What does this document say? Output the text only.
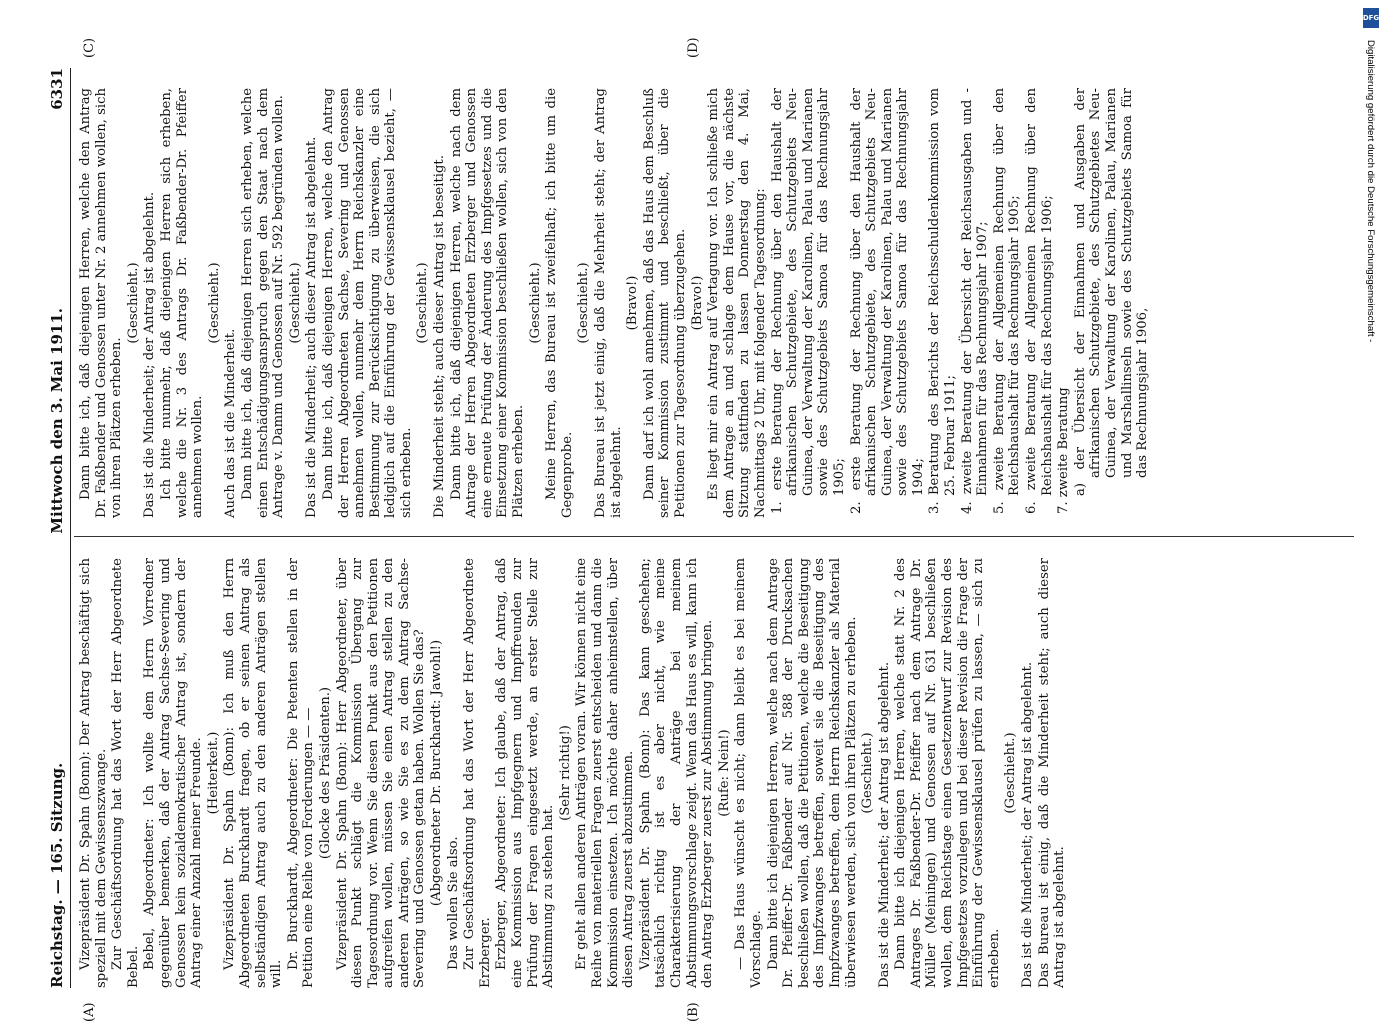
Reichstag. — 165. Sitzung.
Mittwoch den 3. Mai 1911.
6331
(A)	(B)
(C)	(D)

Vizepräsident Dr. Spahn (Bonn): Der Antrag beschäftigt sich speziell mit dem Gewissenszwange. Zur Geschäftsordnung hat das Wort der Herr Abgeordnete Bebel. Bebel, Abgeordneter: Ich wollte dem Herrn Vorredner gegenüber bemerken, daß der Antrag Sachse-Severing und Genossen kein sozialdemokratischer Antrag ist, sondern der Antrag einer Anzahl meiner Freunde. (Heiterkeit.) Vizepräsident Dr. Spahn (Bonn): Ich muß den Herrn Abgeordneten Burckhardt fragen, ob er seinen Antrag als selbständigen Antrag auch zu den anderen Anträgen stellen will.

Dr. Burckhardt, Abgeordneter: Die Petenten stellen in der Petition eine Reihe von Forderungen — — (Glocke des Präsidenten.) Vizepräsident Dr. Spahn (Bonn): Herr Abgeordneter, über diesen Punkt schlägt die Kommission Übergang zur Tagesordnung vor. Wenn Sie diesen Punkt aus den Petitionen aufgreifen wollen, müssen Sie einen Antrag stellen zu den anderen Anträgen, so wie Sie es zu dem Antrag Sachse-Severing und Genossen getan haben. Wollen Sie das? (Abgeordneter Dr. Burckhardt: Jawohl!) Das wollen Sie also. Zur Geschäftsordnung hat das Wort der Herr Abgeordnete Erzberger. Erzberger, Abgeordneter: Ich glaube, daß der Antrag, daß eine Kommission aus Impfgegnern und Impffreunden zur Prüfung der Fragen eingesetzt werde, an erster Stelle zur Abstimmung zu stehen hat.

(Sehr richtig!) Er geht allen anderen Anträgen voran. Wir können nicht eine Reihe von materiellen Fragen zuerst entscheiden und dann die Kommission einsetzen. Ich möchte daher anheimstellen, über diesen Antrag zuerst abzustimmen. Vizepräsident Dr. Spahn (Bonn): Das kann geschehen; tatsächlich richtig ist es aber nicht, wie meine Charakterisierung der Anträge bei meinem Abstimmungsvorschlage zeigt. Wenn das Haus es will, kann ich den Antrag Erzberger zuerst zur Abstimmung bringen. (Rufe: Nein!) — Das Haus wünscht es nicht; dann bleibt es bei meinem Vorschlage. Dann bitte ich diejenigen Herren, welche nach dem Antrage Dr. Pfeiffer-Dr. Faßbender auf Nr. 588 der Drucksachen beschließen wollen, daß die Petitionen, welche die Beseitigung des Impfzwanges betreffen, soweit sie die Beseitigung des Impfzwanges betreffen, dem Herrn Reichskanzler als Material überwiesen werden, sich von ihren Plätzen zu erheben. (Geschieht.) Das ist die Minderheit; der Antrag ist abgelehnt. Dann bitte ich diejenigen Herren, welche statt Nr. 2 des Antrages Dr. Faßbender-Dr. Pfeiffer nach dem Antrage Dr. Müller (Meiningen) und Genossen auf Nr. 631 beschließen wollen, dem Reichstage einen Gesetzentwurf zur Revision des Impfgesetzes vorzulegen und bei dieser Revision die Frage der Einführung der Gewissensklausel prüfen zu lassen, — sich zu erheben.

(Geschieht.) Das ist die Minderheit; der Antrag ist abgelehnt. Das Bureau ist einig, daß die Minderheit steht; auch dieser Antrag ist abgelehnt.

Dann bitte ich, daß diejenigen Herren, welche den Antrag Dr. Faßbender und Genossen unter Nr. 2 annehmen wollen, sich von ihren Plätzen erheben.

(Geschieht.) Das ist die Minderheit; der Antrag ist abgelehnt. Ich bitte nunmehr, daß diejenigen Herren sich erheben, welche die Nr. 3 des Antrags Dr. Faßbender-Dr. Pfeiffer annehmen wollen.

(Geschieht.)

Auch das ist die Minderheit. Dann bitte ich, daß diejenigen Herren sich erheben, welche einen Entschädigungsanspruch gegen den Staat nach dem Antrage v. Damm und Genossen auf Nr. 592 begründen wollen. (Geschieht.) Das ist die Minderheit; auch dieser Antrag ist abgelehnt. Dann bitte ich, daß diejenigen Herren, welche den Antrag der Herren Abgeordneten Sachse, Severing und Genossen annehmen wollen, nunmehr dem Herrn Reichskanzler eine Bestimmung zur Berücksichtigung zu überweisen, die sich lediglich auf die Einführung der Gewissensklausel bezieht, — sich erheben.

(Geschieht.) Die Minderheit steht; auch dieser Antrag ist beseitigt. Dann bitte ich, daß diejenigen Herren, welche nach dem Antrage der Herren Abgeordneten Erzberger und Genossen eine erneute Prüfung der Änderung des Impfgesetzes und die Einsetzung einer Kommission beschließen wollen, sich von den Plätzen erheben.

(Geschieht.) Meine Herren, das Bureau ist zweifelhaft; ich bitte um die Gegenprobe.

(Geschieht.) Das Bureau ist jetzt einig, daß die Mehrheit steht; der Antrag ist abgelehnt.

(Bravo!) Dann darf ich wohl annehmen, daß das Haus dem Beschluß seiner Kommission zustimmt und beschließt, über die Petitionen zur Tagesordnung überzugehen. (Bravo!) Es liegt mir ein Antrag auf Vertagung vor. Ich schließe mich dem Antrage an und schlage dem Hause vor, die nächste Sitzung stattfinden zu lassen Donnerstag den 4. Mai, Nachmittags 2 Uhr, mit folgender Tagesordnung: 1. erste Beratung der Rechnung über den Haushalt der afrikanischen Schutzgebiete, des Schutzgebiets Neu-Guinea, der Verwaltung der Karolinen, Palau und Marianen sowie des Schutzgebiets Samoa für das Rechnungsjahr 1905; 2. erste Beratung der Rechnung über den Haushalt der afrikanischen Schutzgebiete, des Schutzgebiets Neu-Guinea, der Verwaltung der Karolinen, Palau und Marianen sowie des Schutzgebiets Samoa für das Rechnungsjahr 1904; 3. Beratung des Berichts der Reichsschuldenkommission vom 25. Februar 1911; 4. zweite Beratung der Übersicht der Reichsausgaben und -Einnahmen für das Rechnungsjahr 1907; 5. zweite Beratung der Allgemeinen Rechnung über den Reichshaushalt für das Rechnungsjahr 1905; 6. zweite Beratung der Allgemeinen Rechnung über den Reichshaushalt für das Rechnungsjahr 1906; 7. zweite Beratung a) der Übersicht der Einnahmen und Ausgaben der afrikanischen Schutzgebiete, des Schutzgebietes Neu-Guinea, der Verwaltung der Karolinen, Palau, Marianen und Marshallinseln sowie des Schutzgebiets Samoa für das Rechnungsjahr 1906,

DFG
Digitalisierung gefördert durch die Deutsche Forschungsgemeinschaft -
